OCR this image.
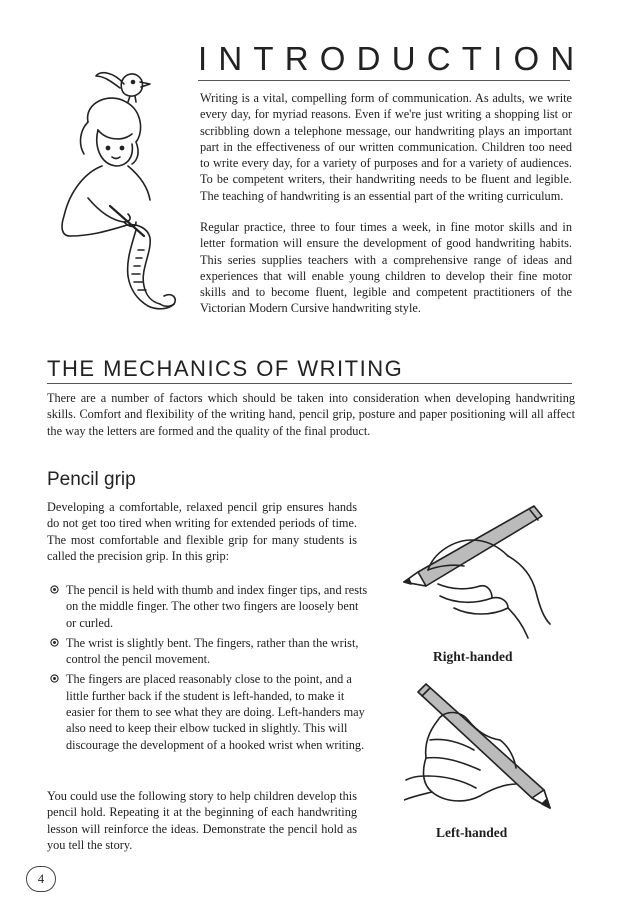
INTRODUCTION

Writing is a vital, compelling form of communication. As adults, we write every day, for myriad reasons. Even if we're just writing a shopping list or scribbling down a telephone message, our handwriting plays an important part in the effectiveness of our written communication. Children too need to write every day, for a variety of purposes and for a variety of audiences. To be competent writers, their handwriting needs to be fluent and legible. The teaching of handwriting is an essential part of the writing curriculum.

Regular practice, three to four times a week, in fine motor skills and in letter formation will ensure the development of good handwriting habits. This series supplies teachers with a comprehensive range of ideas and experiences that will enable young children to develop their fine motor skills and to become fluent, legible and competent practitioners of the Victorian Modern Cursive handwriting style.

THE MECHANICS OF WRITING

There are a number of factors which should be taken into consideration when developing handwriting skills. Comfort and flexibility of the writing hand, pencil grip, posture and paper positioning will all affect the way the letters are formed and the quality of the final product.

Pencil grip

Developing a comfortable, relaxed pencil grip ensures hands do not get too tired when writing for extended periods of time. The most comfortable and flexible grip for many students is called the precision grip. In this grip:

The pencil is held with thumb and index finger tips, and rests on the middle finger. The other two fingers are loosely bent or curled.
The wrist is slightly bent. The fingers, rather than the wrist, control the pencil movement.
The fingers are placed reasonably close to the point, and a little further back if the student is left-handed, to make it easier for them to see what they are doing. Left-handers may also need to keep their elbow tucked in slightly. This will discourage the development of a hooked wrist when writing.

You could use the following story to help children develop this pencil hold. Repeating it at the beginning of each handwriting lesson will reinforce the ideas. Demonstrate the pencil hold as you tell the story.

Right-handed
Left-handed
4
